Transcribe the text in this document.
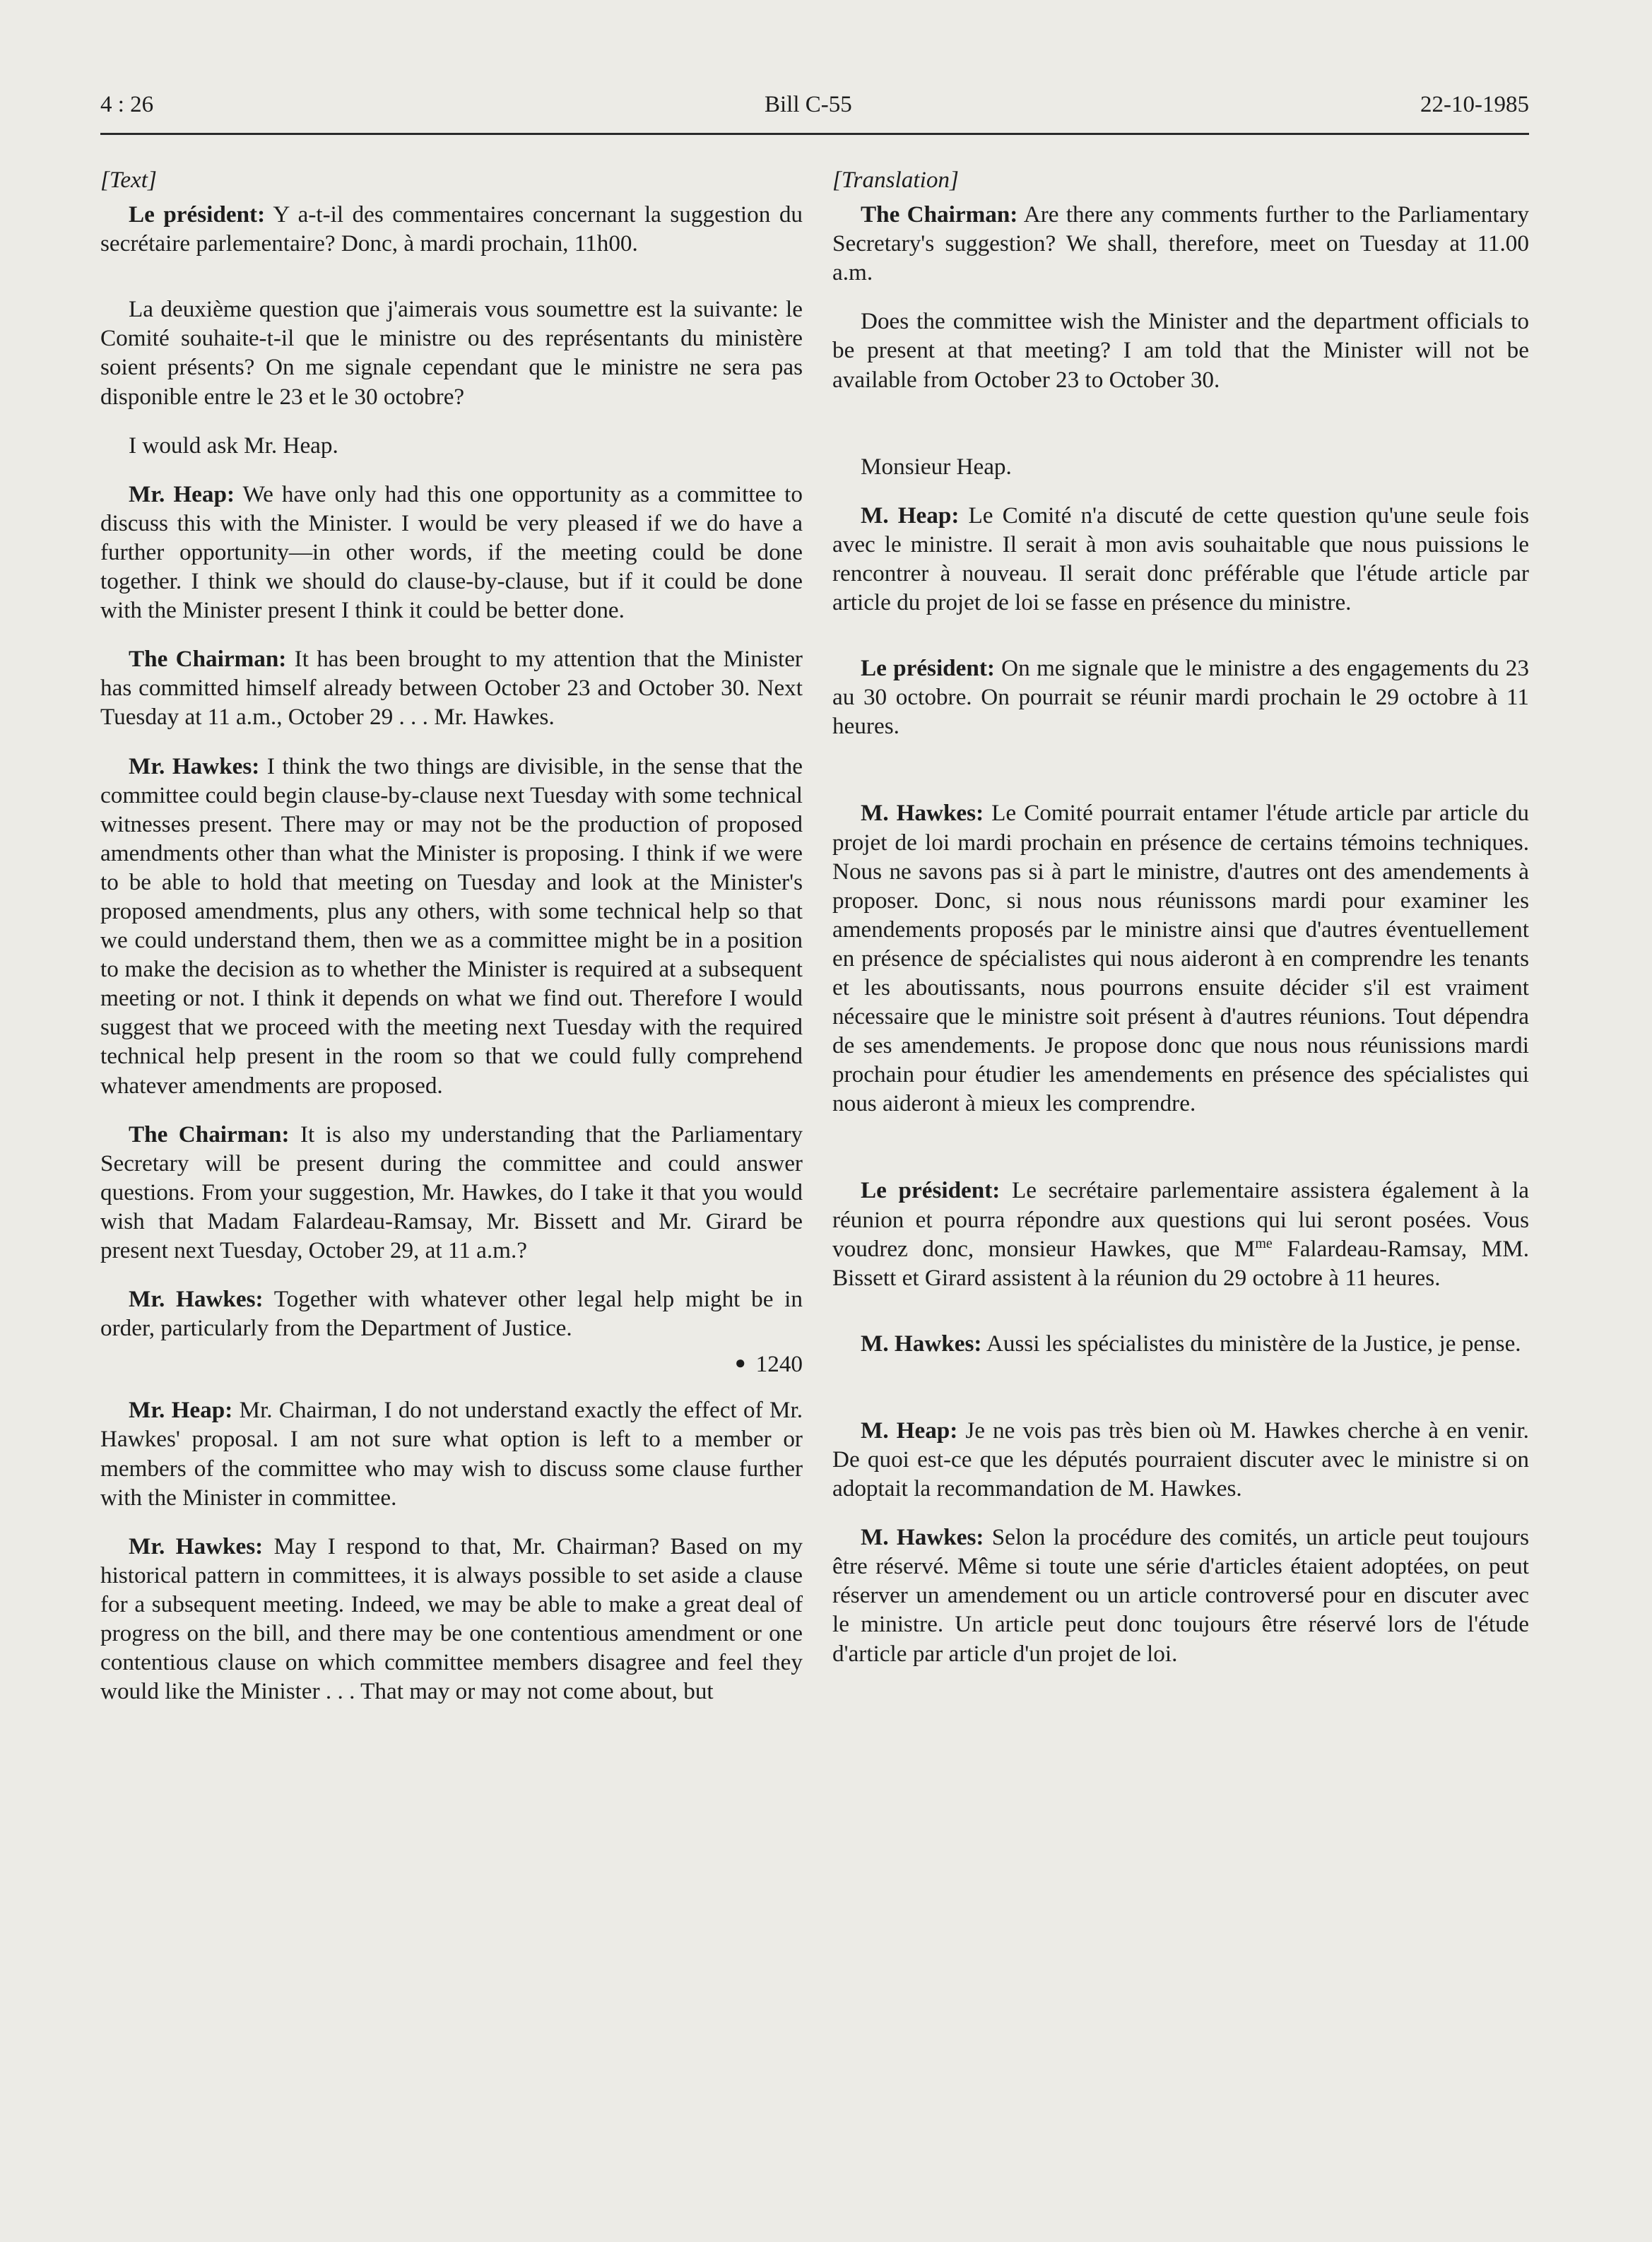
4 : 26	Bill C-55	22-10-1985

[Text]

Le président: Y a-t-il des commentaires concernant la suggestion du secrétaire parlementaire? Donc, à mardi prochain, 11h00.

La deuxième question que j'aimerais vous soumettre est la suivante: le Comité souhaite-t-il que le ministre ou des représentants du ministère soient présents? On me signale cependant que le ministre ne sera pas disponible entre le 23 et le 30 octobre?

I would ask Mr. Heap.

Mr. Heap: We have only had this one opportunity as a committee to discuss this with the Minister. I would be very pleased if we do have a further opportunity—in other words, if the meeting could be done together. I think we should do clause-by-clause, but if it could be done with the Minister present I think it could be better done.

The Chairman: It has been brought to my attention that the Minister has committed himself already between October 23 and October 30. Next Tuesday at 11 a.m., October 29 . . . Mr. Hawkes.

Mr. Hawkes: I think the two things are divisible, in the sense that the committee could begin clause-by-clause next Tuesday with some technical witnesses present. There may or may not be the production of proposed amendments other than what the Minister is proposing. I think if we were to be able to hold that meeting on Tuesday and look at the Minister's proposed amendments, plus any others, with some technical help so that we could understand them, then we as a committee might be in a position to make the decision as to whether the Minister is required at a subsequent meeting or not. I think it depends on what we find out. Therefore I would suggest that we proceed with the meeting next Tuesday with the required technical help present in the room so that we could fully comprehend whatever amendments are proposed.

The Chairman: It is also my understanding that the Parliamentary Secretary will be present during the committee and could answer questions. From your suggestion, Mr. Hawkes, do I take it that you would wish that Madam Falardeau-Ramsay, Mr. Bissett and Mr. Girard be present next Tuesday, October 29, at 11 a.m.?

Mr. Hawkes: Together with whatever other legal help might be in order, particularly from the Department of Justice.

● 1240

Mr. Heap: Mr. Chairman, I do not understand exactly the effect of Mr. Hawkes' proposal. I am not sure what option is left to a member or members of the committee who may wish to discuss some clause further with the Minister in committee.

Mr. Hawkes: May I respond to that, Mr. Chairman? Based on my historical pattern in committees, it is always possible to set aside a clause for a subsequent meeting. Indeed, we may be able to make a great deal of progress on the bill, and there may be one contentious amendment or one contentious clause on which committee members disagree and feel they would like the Minister . . . That may or may not come about, but

[Translation]

The Chairman: Are there any comments further to the Parliamentary Secretary's suggestion? We shall, therefore, meet on Tuesday at 11.00 a.m.

Does the committee wish the Minister and the department officials to be present at that meeting? I am told that the Minister will not be available from October 23 to October 30.

Monsieur Heap.

M. Heap: Le Comité n'a discuté de cette question qu'une seule fois avec le ministre. Il serait à mon avis souhaitable que nous puissions le rencontrer à nouveau. Il serait donc préférable que l'étude article par article du projet de loi se fasse en présence du ministre.

Le président: On me signale que le ministre a des engagements du 23 au 30 octobre. On pourrait se réunir mardi prochain le 29 octobre à 11 heures.

M. Hawkes: Le Comité pourrait entamer l'étude article par article du projet de loi mardi prochain en présence de certains témoins techniques. Nous ne savons pas si à part le ministre, d'autres ont des amendements à proposer. Donc, si nous nous réunissons mardi pour examiner les amendements proposés par le ministre ainsi que d'autres éventuellement en présence de spécialistes qui nous aideront à en comprendre les tenants et les aboutissants, nous pourrons ensuite décider s'il est vraiment nécessaire que le ministre soit présent à d'autres réunions. Tout dépendra de ses amendements. Je propose donc que nous nous réunissions mardi prochain pour étudier les amendements en présence des spécialistes qui nous aideront à mieux les comprendre.

Le président: Le secrétaire parlementaire assistera également à la réunion et pourra répondre aux questions qui lui seront posées. Vous voudrez donc, monsieur Hawkes, que $M^{me}$ Falardeau-Ramsay, MM. Bissett et Girard assistent à la réunion du 29 octobre à 11 heures.

M. Hawkes: Aussi les spécialistes du ministère de la Justice, je pense.

M. Heap: Je ne vois pas très bien où M. Hawkes cherche à en venir. De quoi est-ce que les députés pourraient discuter avec le ministre si on adoptait la recommandation de M. Hawkes.

M. Hawkes: Selon la procédure des comités, un article peut toujours être réservé. Même si toute une série d'articles étaient adoptées, on peut réserver un amendement ou un article controversé pour en discuter avec le ministre. Un article peut donc toujours être réservé lors de l'étude d'article par article d'un projet de loi.
